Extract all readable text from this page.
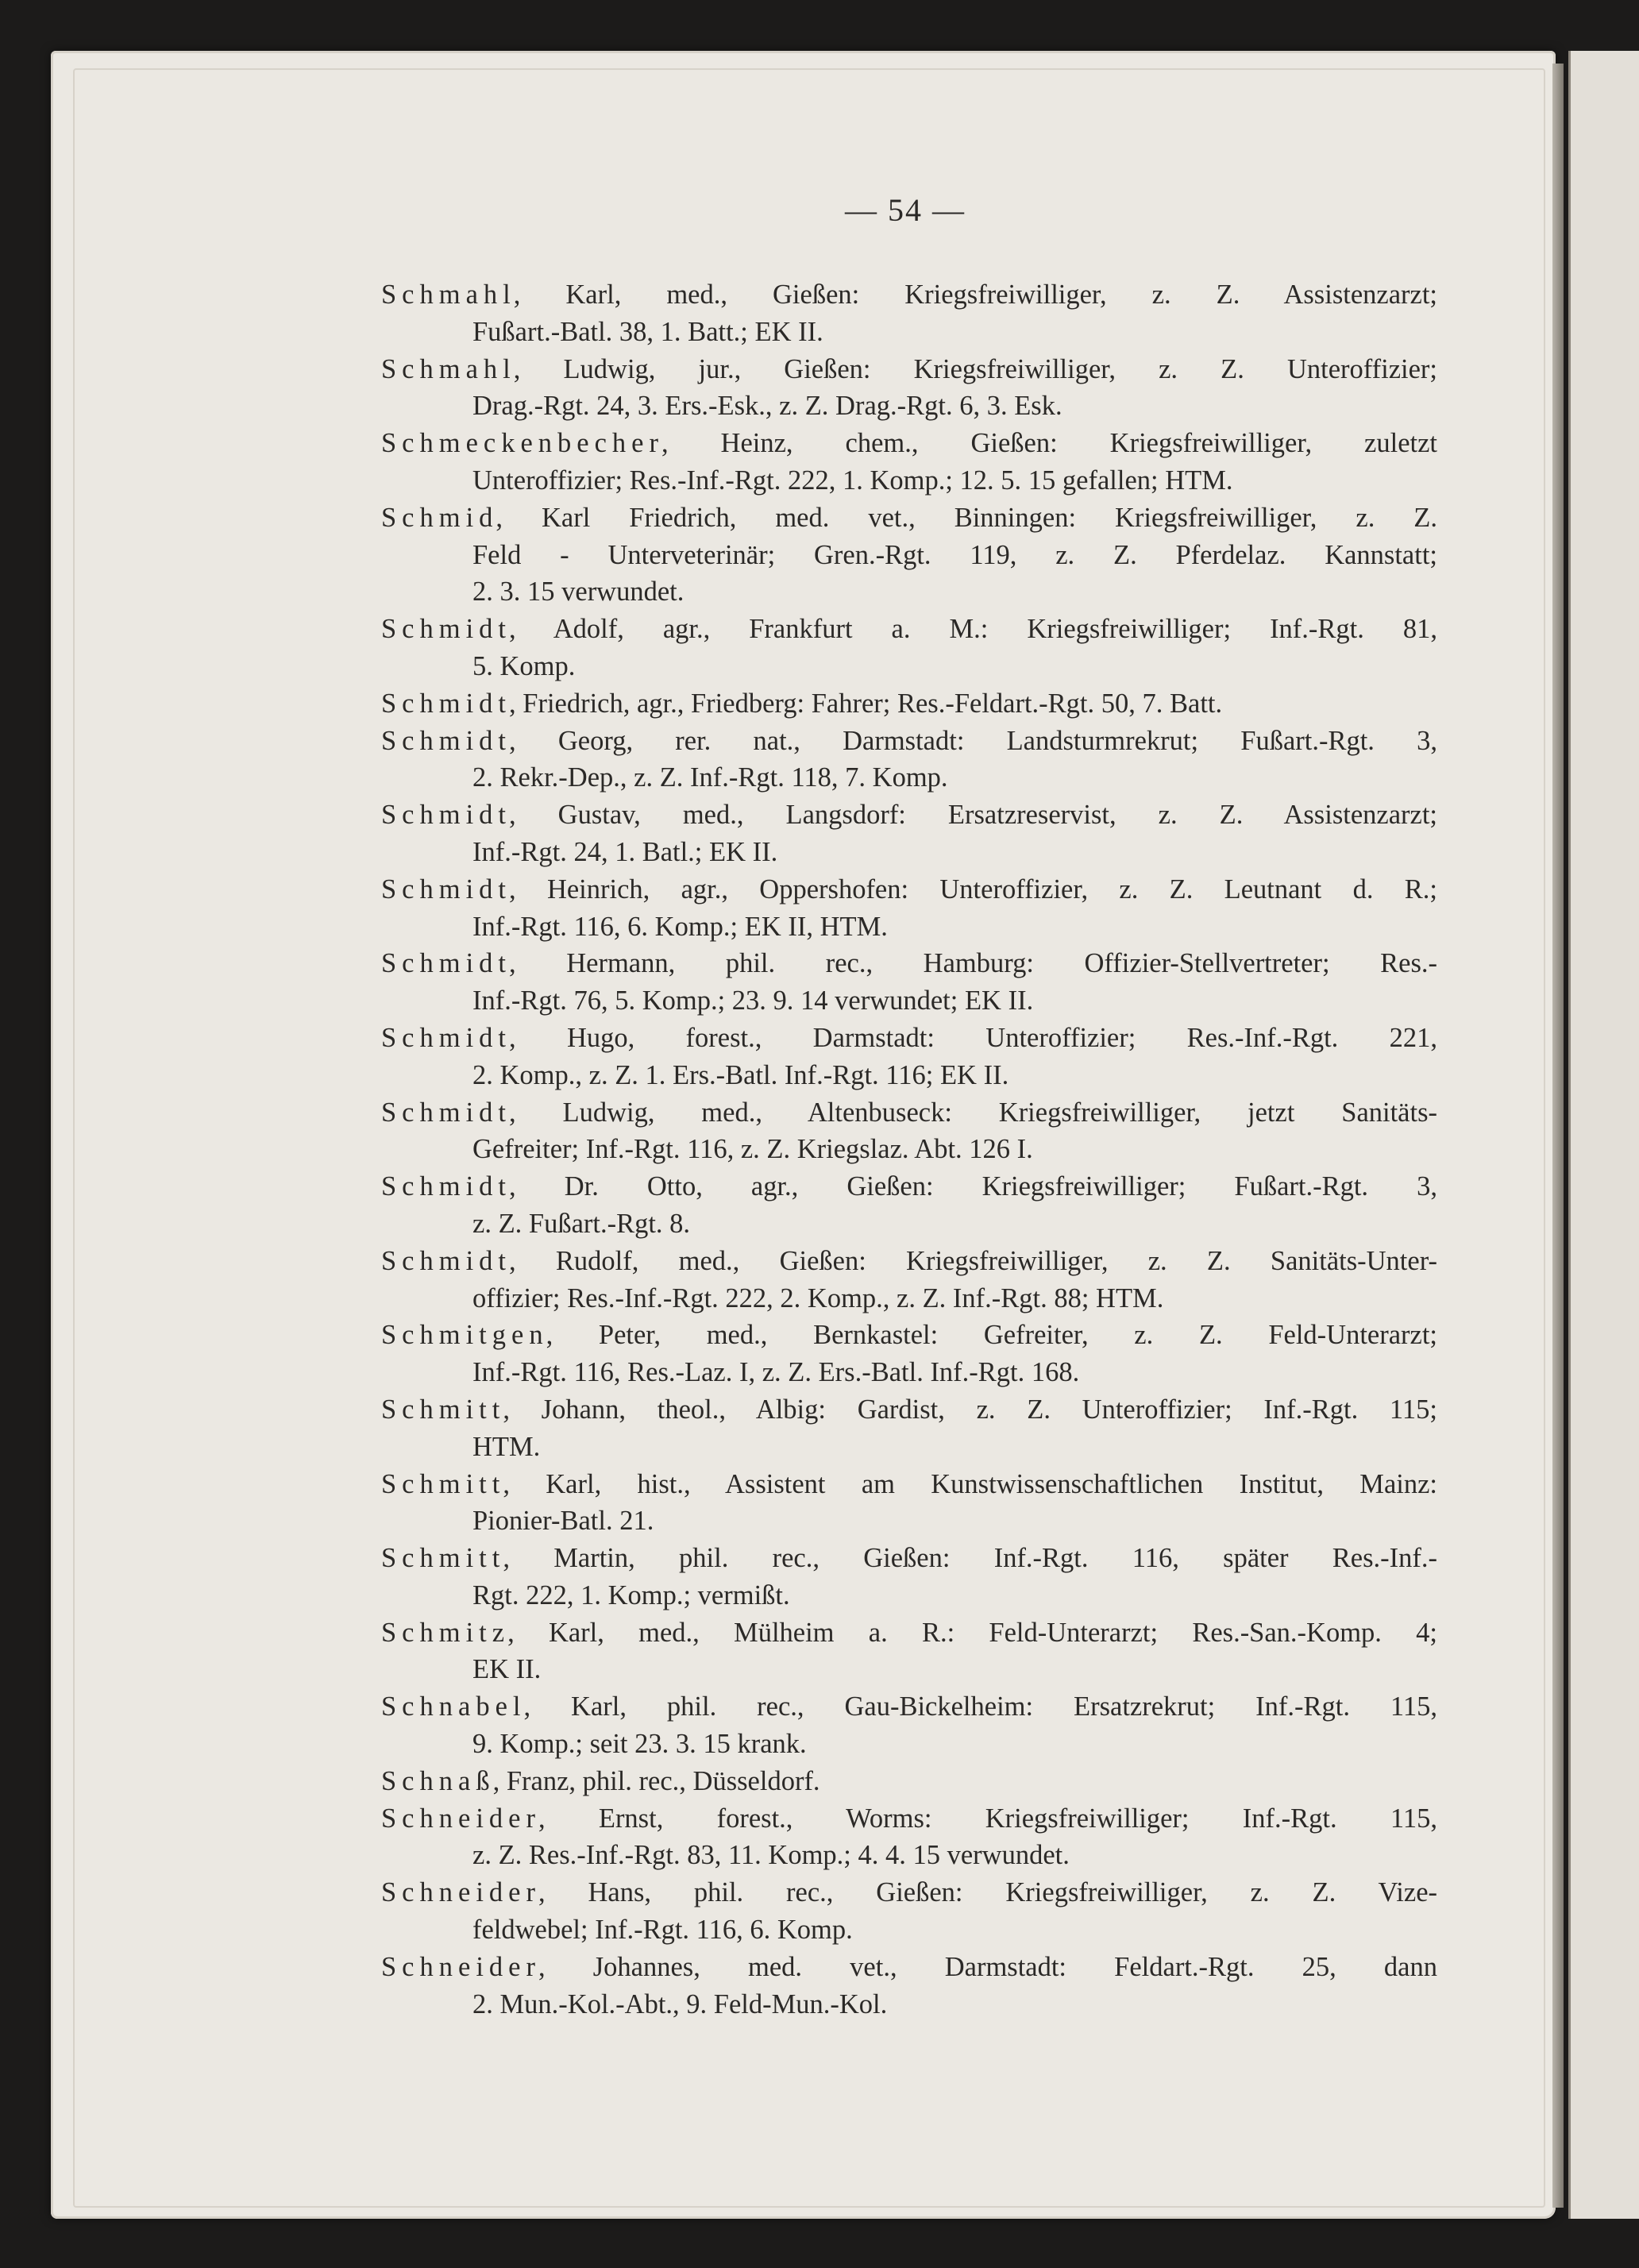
— 54 —

Schmahl, Karl, med., Gießen: Kriegsfreiwilliger, z. Z. Assistenzarzt;
Fußart.-Batl. 38, 1. Batt.; EK II.

Schmahl, Ludwig, jur., Gießen: Kriegsfreiwilliger, z. Z. Unteroffizier;
Drag.-Rgt. 24, 3. Ers.-Esk., z. Z. Drag.-Rgt. 6, 3. Esk.

Schmeckenbecher, Heinz, chem., Gießen: Kriegsfreiwilliger, zuletzt
Unteroffizier; Res.-Inf.-Rgt. 222, 1. Komp.; 12. 5. 15 gefallen; HTM.

Schmid, Karl Friedrich, med. vet., Binningen: Kriegsfreiwilliger, z. Z.
Feld - Unterveterinär; Gren.-Rgt. 119, z. Z. Pferdelaz. Kannstatt;
2. 3. 15 verwundet.

Schmidt, Adolf, agr., Frankfurt a. M.: Kriegsfreiwilliger; Inf.-Rgt. 81,
5. Komp.

Schmidt, Friedrich, agr., Friedberg: Fahrer; Res.-Feldart.-Rgt. 50, 7. Batt.

Schmidt, Georg, rer. nat., Darmstadt: Landsturmrekrut; Fußart.-Rgt. 3,
2. Rekr.-Dep., z. Z. Inf.-Rgt. 118, 7. Komp.

Schmidt, Gustav, med., Langsdorf: Ersatzreservist, z. Z. Assistenzarzt;
Inf.-Rgt. 24, 1. Batl.; EK II.

Schmidt, Heinrich, agr., Oppershofen: Unteroffizier, z. Z. Leutnant d. R.;
Inf.-Rgt. 116, 6. Komp.; EK II, HTM.

Schmidt, Hermann, phil. rec., Hamburg: Offizier-Stellvertreter; Res.-
Inf.-Rgt. 76, 5. Komp.; 23. 9. 14 verwundet; EK II.

Schmidt, Hugo, forest., Darmstadt: Unteroffizier; Res.-Inf.-Rgt. 221,
2. Komp., z. Z. 1. Ers.-Batl. Inf.-Rgt. 116; EK II.

Schmidt, Ludwig, med., Altenbuseck: Kriegsfreiwilliger, jetzt Sanitäts-
Gefreiter; Inf.-Rgt. 116, z. Z. Kriegslaz. Abt. 126 I.

Schmidt, Dr. Otto, agr., Gießen: Kriegsfreiwilliger; Fußart.-Rgt. 3,
z. Z. Fußart.-Rgt. 8.

Schmidt, Rudolf, med., Gießen: Kriegsfreiwilliger, z. Z. Sanitäts-Unter-
offizier; Res.-Inf.-Rgt. 222, 2. Komp., z. Z. Inf.-Rgt. 88; HTM.

Schmitgen, Peter, med., Bernkastel: Gefreiter, z. Z. Feld-Unterarzt;
Inf.-Rgt. 116, Res.-Laz. I, z. Z. Ers.-Batl. Inf.-Rgt. 168.

Schmitt, Johann, theol., Albig: Gardist, z. Z. Unteroffizier; Inf.-Rgt. 115;
HTM.

Schmitt, Karl, hist., Assistent am Kunstwissenschaftlichen Institut, Mainz:
Pionier-Batl. 21.

Schmitt, Martin, phil. rec., Gießen: Inf.-Rgt. 116, später Res.-Inf.-
Rgt. 222, 1. Komp.; vermißt.

Schmitz, Karl, med., Mülheim a. R.: Feld-Unterarzt; Res.-San.-Komp. 4;
EK II.

Schnabel, Karl, phil. rec., Gau-Bickelheim: Ersatzrekrut; Inf.-Rgt. 115,
9. Komp.; seit 23. 3. 15 krank.

Schnaß, Franz, phil. rec., Düsseldorf.

Schneider, Ernst, forest., Worms: Kriegsfreiwilliger; Inf.-Rgt. 115,
z. Z. Res.-Inf.-Rgt. 83, 11. Komp.; 4. 4. 15 verwundet.

Schneider, Hans, phil. rec., Gießen: Kriegsfreiwilliger, z. Z. Vize-
feldwebel; Inf.-Rgt. 116, 6. Komp.

Schneider, Johannes, med. vet., Darmstadt: Feldart.-Rgt. 25, dann
2. Mun.-Kol.-Abt., 9. Feld-Mun.-Kol.
